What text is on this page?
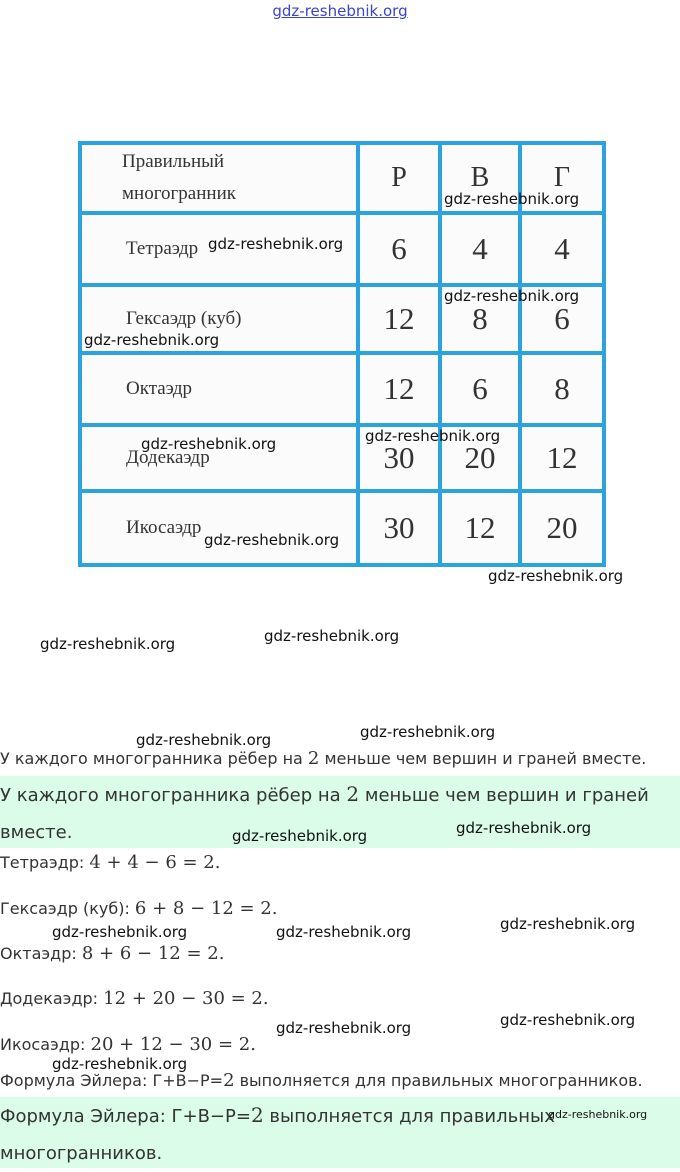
gdz-reshebnik.org
Правильный
многогранник	Р	В	Г
Тетраэдр	6	4	4
Гексаэдр (куб)	12	8	6
Октаэдр	12	6	8
Додекаэдр	30	20	12
Икосаэдр	30	12	20
У каждого многогранника рёбер на 2 меньше чем вершин и граней вместе.
У каждого многогранника рёбер на 2 меньше чем вершин и граней
вместе.
Тетраэдр: 4 + 4 − 6 = 2.
Гексаэдр (куб): 6 + 8 − 12 = 2.
Октаэдр: 8 + 6 − 12 = 2.
Додекаэдр: 12 + 20 − 30 = 2.
Икосаэдр: 20 + 12 − 30 = 2.
Формула Эйлера: Г+В−Р=2 выполняется для правильных многогранников.
Формула Эйлера: Г+В−Р=2 выполняется для правильных
многогранников.
gdz-reshebnik.org
gdz-reshebnik.org
gdz-reshebnik.org
gdz-reshebnik.org
gdz-reshebnik.org	gdz-reshebnik.org
gdz-reshebnik.org
gdz-reshebnik.org
gdz-reshebnik.org	gdz-reshebnik.org
gdz-reshebnik.org
gdz-reshebnik.org
gdz-reshebnik.org
gdz-reshebnik.org
gdz-reshebnik.org
gdz-reshebnik.org	gdz-reshebnik.org
gdz-reshebnik.org
gdz-reshebnik.org
gdz-reshebnik.org
gdz-reshebnik.org
